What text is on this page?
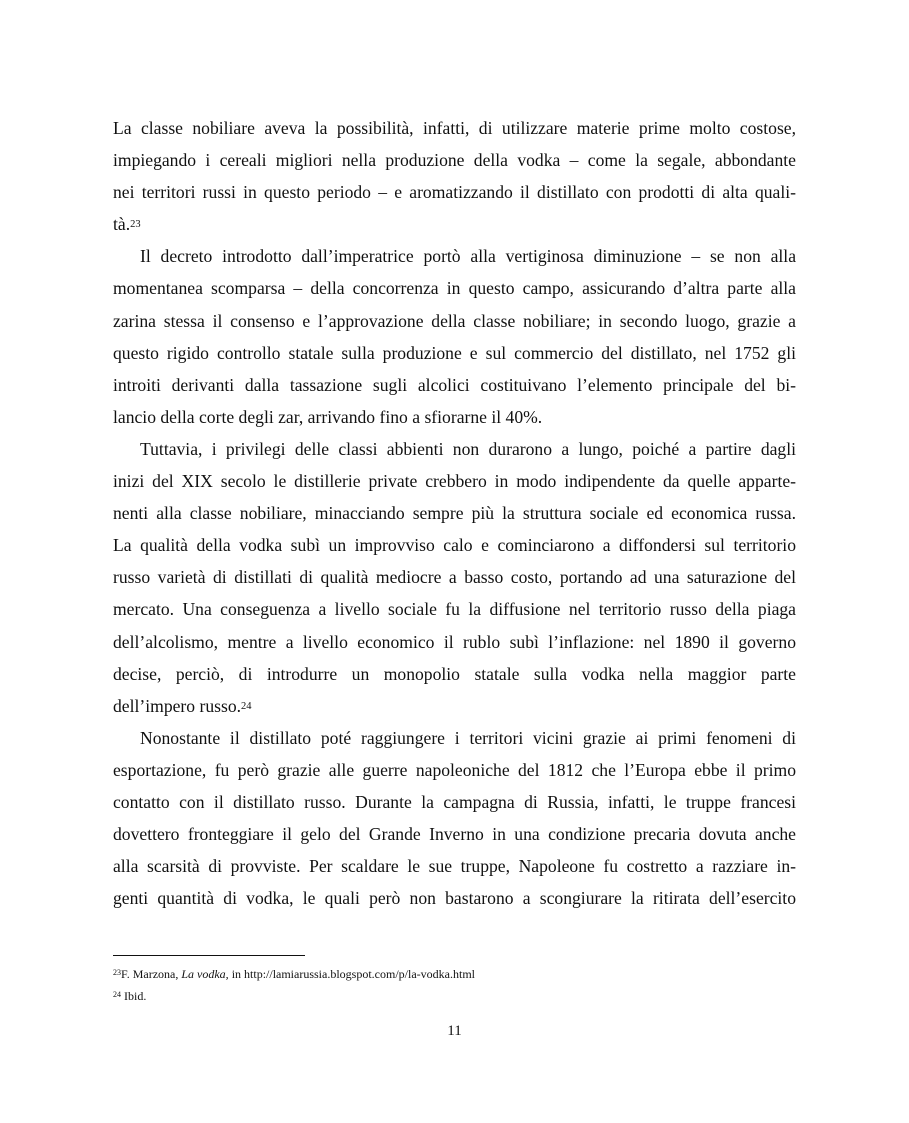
La classe nobiliare aveva la possibilità, infatti, di utilizzare materie prime molto costose,
impiegando i cereali migliori nella produzione della vodka – come la segale, abbondante
nei territori russi in questo periodo – e aromatizzando il distillato con prodotti di alta quali-
tà.$^{23}$
Il decreto introdotto dall’imperatrice portò alla vertiginosa diminuzione – se non alla
momentanea scomparsa – della concorrenza in questo campo, assicurando d’altra parte alla
zarina stessa il consenso e l’approvazione della classe nobiliare; in secondo luogo, grazie a
questo rigido controllo statale sulla produzione e sul commercio del distillato, nel 1752 gli
introiti derivanti dalla tassazione sugli alcolici costituivano l’elemento principale del bi-
lancio della corte degli zar, arrivando fino a sfiorarne il 40%.
Tuttavia, i privilegi delle classi abbienti non durarono a lungo, poiché a partire dagli
inizi del XIX secolo le distillerie private crebbero in modo indipendente da quelle apparte-
nenti alla classe nobiliare, minacciando sempre più la struttura sociale ed economica russa.
La qualità della vodka subì un improvviso calo e cominciarono a diffondersi sul territorio
russo varietà di distillati di qualità mediocre a basso costo, portando ad una saturazione del
mercato. Una conseguenza a livello sociale fu la diffusione nel territorio russo della piaga
dell’alcolismo, mentre a livello economico il rublo subì l’inflazione: nel 1890 il governo
decise, perciò, di introdurre un monopolio statale sulla vodka nella maggior parte
dell’impero russo.$^{24}$
Nonostante il distillato poté raggiungere i territori vicini grazie ai primi fenomeni di
esportazione, fu però grazie alle guerre napoleoniche del 1812 che l’Europa ebbe il primo
contatto con il distillato russo. Durante la campagna di Russia, infatti, le truppe francesi
dovettero fronteggiare il gelo del Grande Inverno in una condizione precaria dovuta anche
alla scarsità di provviste. Per scaldare le sue truppe, Napoleone fu costretto a razziare in-
genti quantità di vodka, le quali però non bastarono a scongiurare la ritirata dell’esercito
$^{23}$F. Marzona, La vodka, in http://lamiarussia.blogspot.com/p/la-vodka.html
$^{24}$ Ibid.
11
